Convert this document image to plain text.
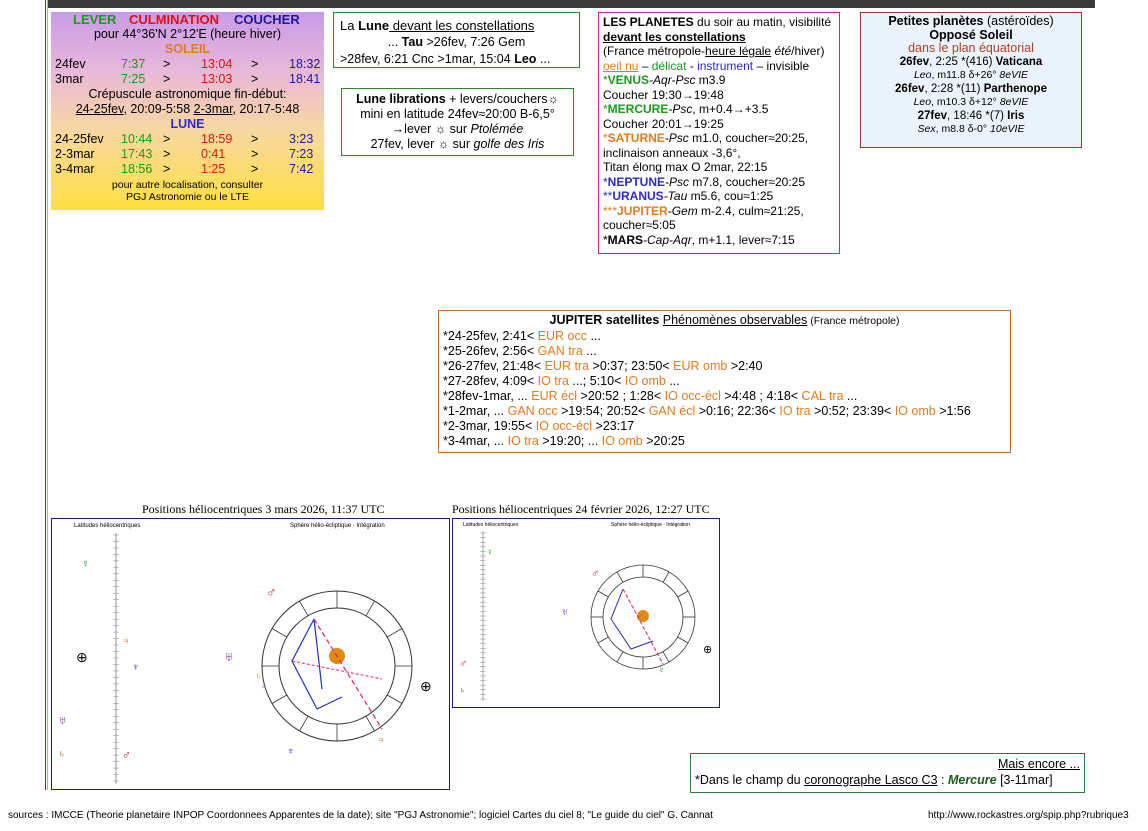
LEVER CULMINATION COUCHER
pour 44°36'N 2°12'E (heure hiver)
SOLEIL
24fev	7:37 > 13:04 > 18:32
3mar	7:25 > 13:03 > 18:41
Crépuscule astronomique fin-début:
24-25fev, 20:09-5:58 2-3mar, 20:17-5:48
LUNE
24-25fev 10:44 > 18:59 > 3:23
2-3mar 17:43 > 0:41 > 7:23
3-4mar 18:56 > 1:25 > 7:42
pour autre localisation, consulter
PGJ Astronomie ou le LTE
La Lune devant les constellations
... Tau >26fev, 7:26 Gem
>28fev, 6:21 Cnc >1mar, 15:04 Leo ...
Lune librations + levers/couchers☼
mini en latitude 24fev≈20:00 B-6,5°
→lever ☼ sur Ptolémée
27fev, lever ☼ sur golfe des Iris
LES PLANETES du soir au matin, visibilité
devant les constellations
(France métropole-heure légale été/hiver)
oeil nu – délicat - instrument – invisible
*VENUS-Aqr-Psc m3.9
Coucher 19:30→19:48
*MERCURE-Psc, m+0.4→+3.5
Coucher 20:01→19:25
*SATURNE-Psc m1.0, coucher≈20:25,
inclinaison anneaux -3,6°,
Titan élong max O 2mar, 22:15
*NEPTUNE-Psc m7.8, coucher≈20:25
**URANUS-Tau m5.6, cou≈1:25
***JUPITER-Gem m-2.4, culm≈21:25,
coucher≈5:05
*MARS-Cap-Aqr, m+1.1, lever≈7:15
Petites planètes (astéroïdes)
Opposé Soleil
dans le plan équatorial
26fev, 2:25 *(416) Vaticana
Leo, m11.8 δ+26° 8eVIE
26fev, 2:28 *(11) Parthenope
Leo, m10.3 δ+12° 8eVIE
27fev, 18:46 *(7) Iris
Sex, m8.8 δ-0° 10eVIE
JUPITER satellites Phénomènes observables (France métropole)
*24-25fev, 2:41< EUR occ ...
*25-26fev, 2:56< GAN tra ...
*26-27fev, 21:48< EUR tra >0:37; 23:50< EUR omb >2:40
*27-28fev, 4:09< IO tra ...; 5:10< IO omb ...
*28fev-1mar, ... EUR écl >20:52 ; 1:28< IO occ-écl >4:48 ; 4:18< CAL tra ...
*1-2mar, ... GAN occ >19:54; 20:52< GAN écl >0:16; 22:36< IO tra >0:52; 23:39< IO omb >1:56
*2-3mar, 19:55< IO occ-écl >23:17
*3-4mar, ... IO tra >19:20; ... IO omb >20:25
Positions héliocentriques 3 mars 2026, 11:37 UTC
Latitudes héliocentriques	Sphère hélio-écliptique · Intégration
♂
♅
♄
♀	⊕
♃
♆
⊕
☿
♃
♂
♅
♄
♆
Positions héliocentriques 24 février 2026, 12:27 UTC
Latitudes héliocentriques	Sphère hélio-écliptique · Intégration
♂
♅
⊕
☿
♂
♄
☿
Mais encore ...
*Dans le champ du coronographe Lasco C3 : Mercure [3-11mar]
sources : IMCCE (Theorie planetaire INPOP Coordonnees Apparentes de la date); site "PGJ Astronomie"; logiciel Cartes du ciel 8; "Le guide du ciel" G. Cannat	http://www.rockastres.org/spip.php?rubrique3
